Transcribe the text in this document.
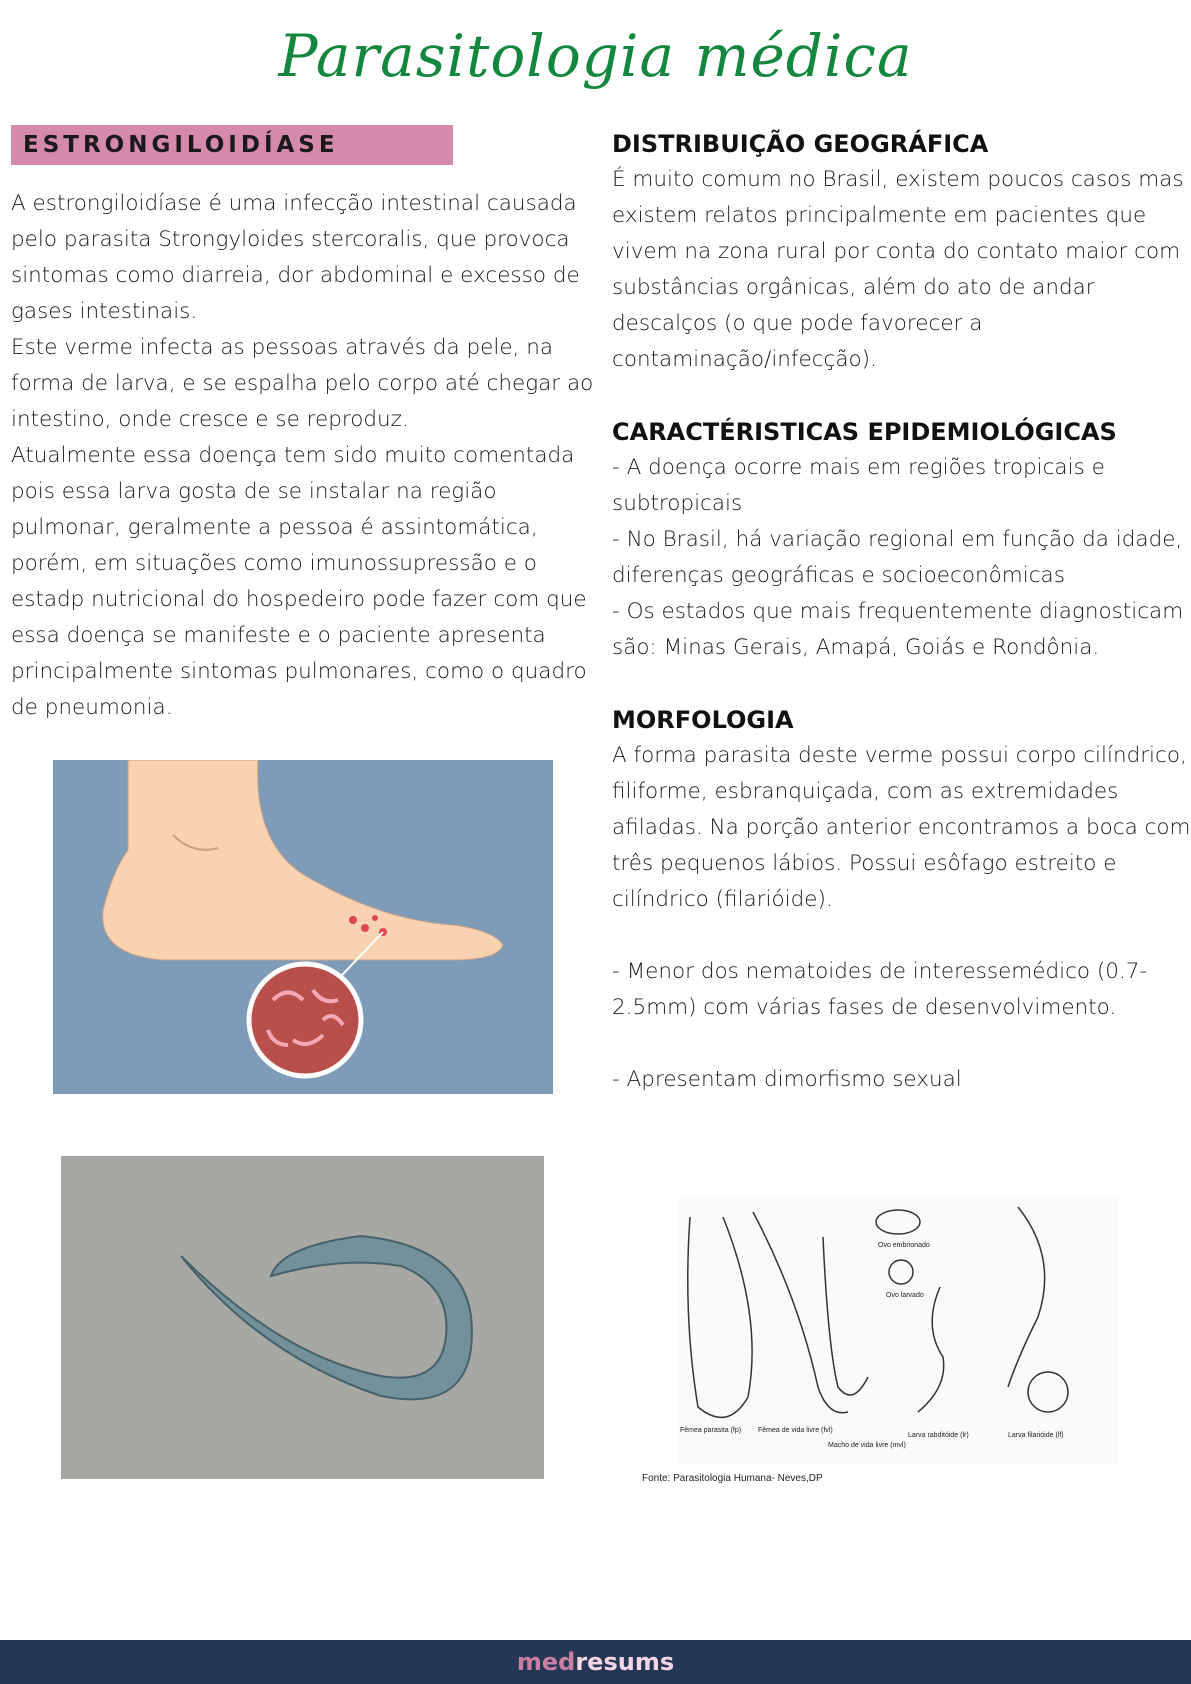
Parasitologia médica
ESTRONGILOIDÍASE

A estrongiloidíase é uma infecção intestinal causada pelo parasita Strongyloides stercoralis, que provoca sintomas como diarreia, dor abdominal e excesso de gases intestinais.

Este verme infecta as pessoas através da pele, na forma de larva, e se espalha pelo corpo até chegar ao intestino, onde cresce e se reproduz.

Atualmente essa doença tem sido muito comentada pois essa larva gosta de se instalar na região pulmonar, geralmente a pessoa é assintomática, porém, em situações como imunossupressão e o estadp nutricional do hospedeiro pode fazer com que essa doença se manifeste e o paciente apresenta principalmente sintomas pulmonares, como o quadro de pneumonia.

DISTRIBUIÇÃO GEOGRÁFICA

É muito comum no Brasil, existem poucos casos mas existem relatos principalmente em pacientes que vivem na zona rural por conta do contato maior com substâncias orgânicas, além do ato de andar descalços (o que pode favorecer a contaminação/infecção).

CARACTÉRISTICAS EPIDEMIOLÓGICAS

- A doença ocorre mais em regiões tropicais e subtropicais

- No Brasil, há variação regional em função da idade, diferenças geográficas e socioeconômicas

- Os estados que mais frequentemente diagnosticam são: Minas Gerais, Amapá, Goiás e Rondônia.

MORFOLOGIA

A forma parasita deste verme possui corpo cilíndrico, filiforme, esbranquiçada, com as extremidades afiladas. Na porção anterior encontramos a boca com três pequenos lábios. Possui esôfago estreito e cilíndrico (filarióide).

- Menor dos nematoides de interessemédico (0.7-2.5mm) com várias fases de desenvolvimento.

- Apresentam dimorfismo sexual

Fêmea parasita (fp) Fêmea de vida livre (fvl)
Macho de vida livre (mvl)
Ovo embrionado
Ovo larvado
Larva rabditóide (lr)	Larva filarióide (lf)
Fonte: Parasitologia Humana- Neves,DP
medresums
